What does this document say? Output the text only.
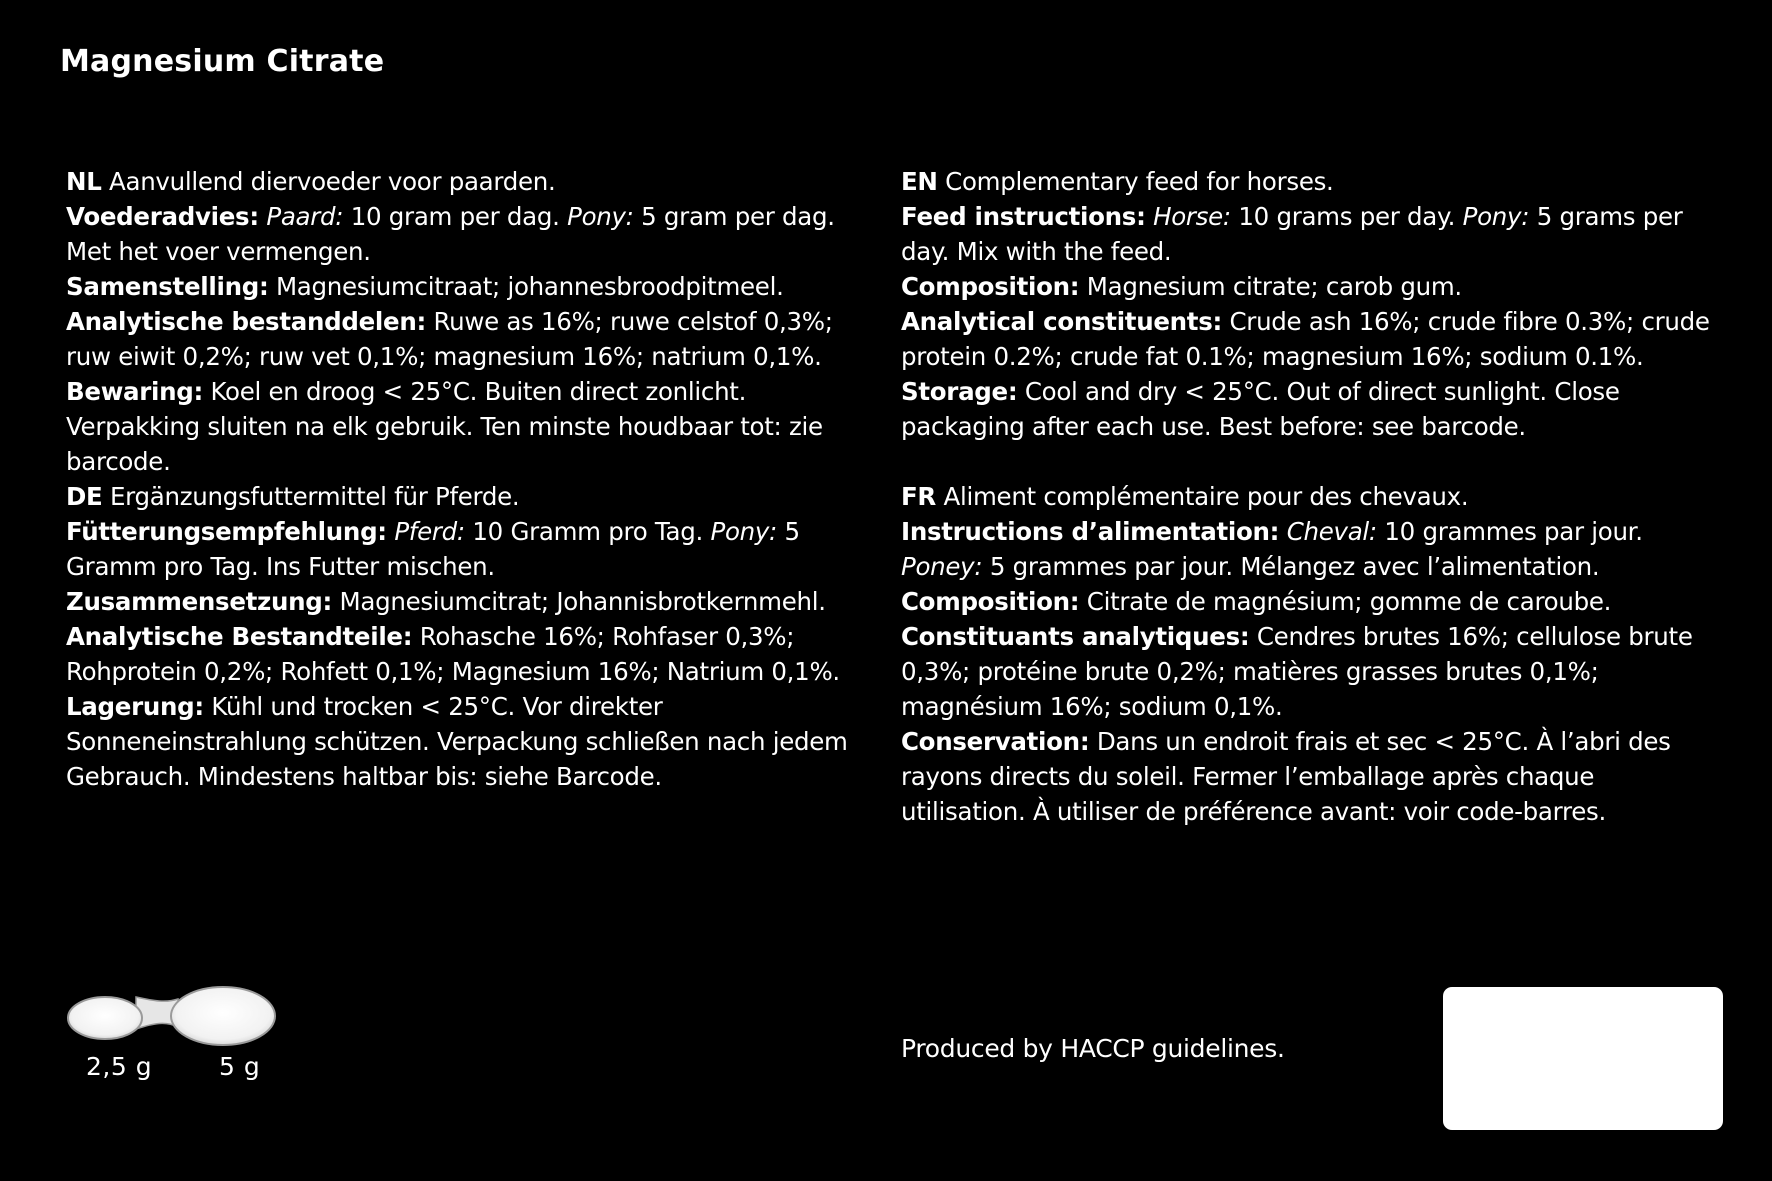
Magnesium Citrate

NL Aanvullend diervoeder voor paarden.

Voederadvies: Paard: 10 gram per dag. Pony: 5 gram per dag. Met het voer vermengen.

Samenstelling: Magnesiumcitraat; johannesbroodpitmeel.

Analytische bestanddelen: Ruwe as 16%; ruwe celstof 0,3%; ruw eiwit 0,2%; ruw vet 0,1%; magnesium 16%; natrium 0,1%.

Bewaring: Koel en droog < 25°C. Buiten direct zonlicht. Verpakking sluiten na elk gebruik. Ten minste houdbaar tot: zie barcode.

EN Complementary feed for horses.

Feed instructions: Horse: 10 grams per day. Pony: 5 grams per day. Mix with the feed.

Composition: Magnesium citrate; carob gum.

Analytical constituents: Crude ash 16%; crude fibre 0.3%; crude protein 0.2%; crude fat 0.1%; magnesium 16%; sodium 0.1%.

Storage: Cool and dry < 25°C. Out of direct sunlight. Close packaging after each use. Best before: see barcode.

DE Ergänzungsfuttermittel für Pferde.

Fütterungsempfehlung: Pferd: 10 Gramm pro Tag. Pony: 5 Gramm pro Tag. Ins Futter mischen.

Zusammensetzung: Magnesiumcitrat; Johannisbrotkernmehl.

Analytische Bestandteile: Rohasche 16%; Rohfaser 0,3%; Rohprotein 0,2%; Rohfett 0,1%; Magnesium 16%; Natrium 0,1%.

Lagerung: Kühl und trocken < 25°C. Vor direkter Sonneneinstrahlung schützen. Verpackung schließen nach jedem Gebrauch. Mindestens haltbar bis: siehe Barcode.

FR Aliment complémentaire pour des chevaux.

Instructions d’alimentation: Cheval: 10 grammes par jour. Poney: 5 grammes par jour. Mélangez avec l’alimentation.

Composition: Citrate de magnésium; gomme de caroube.

Constituants analytiques: Cendres brutes 16%; cellulose brute 0,3%; protéine brute 0,2%; matières grasses brutes 0,1%; magnésium 16%; sodium 0,1%.

Conservation: Dans un endroit frais et sec < 25°C. À l’abri des rayons directs du soleil. Fermer l’emballage après chaque utilisation. À utiliser de préférence avant: voir code-barres.

2,5 g	5 g
Produced by HACCP guidelines.
